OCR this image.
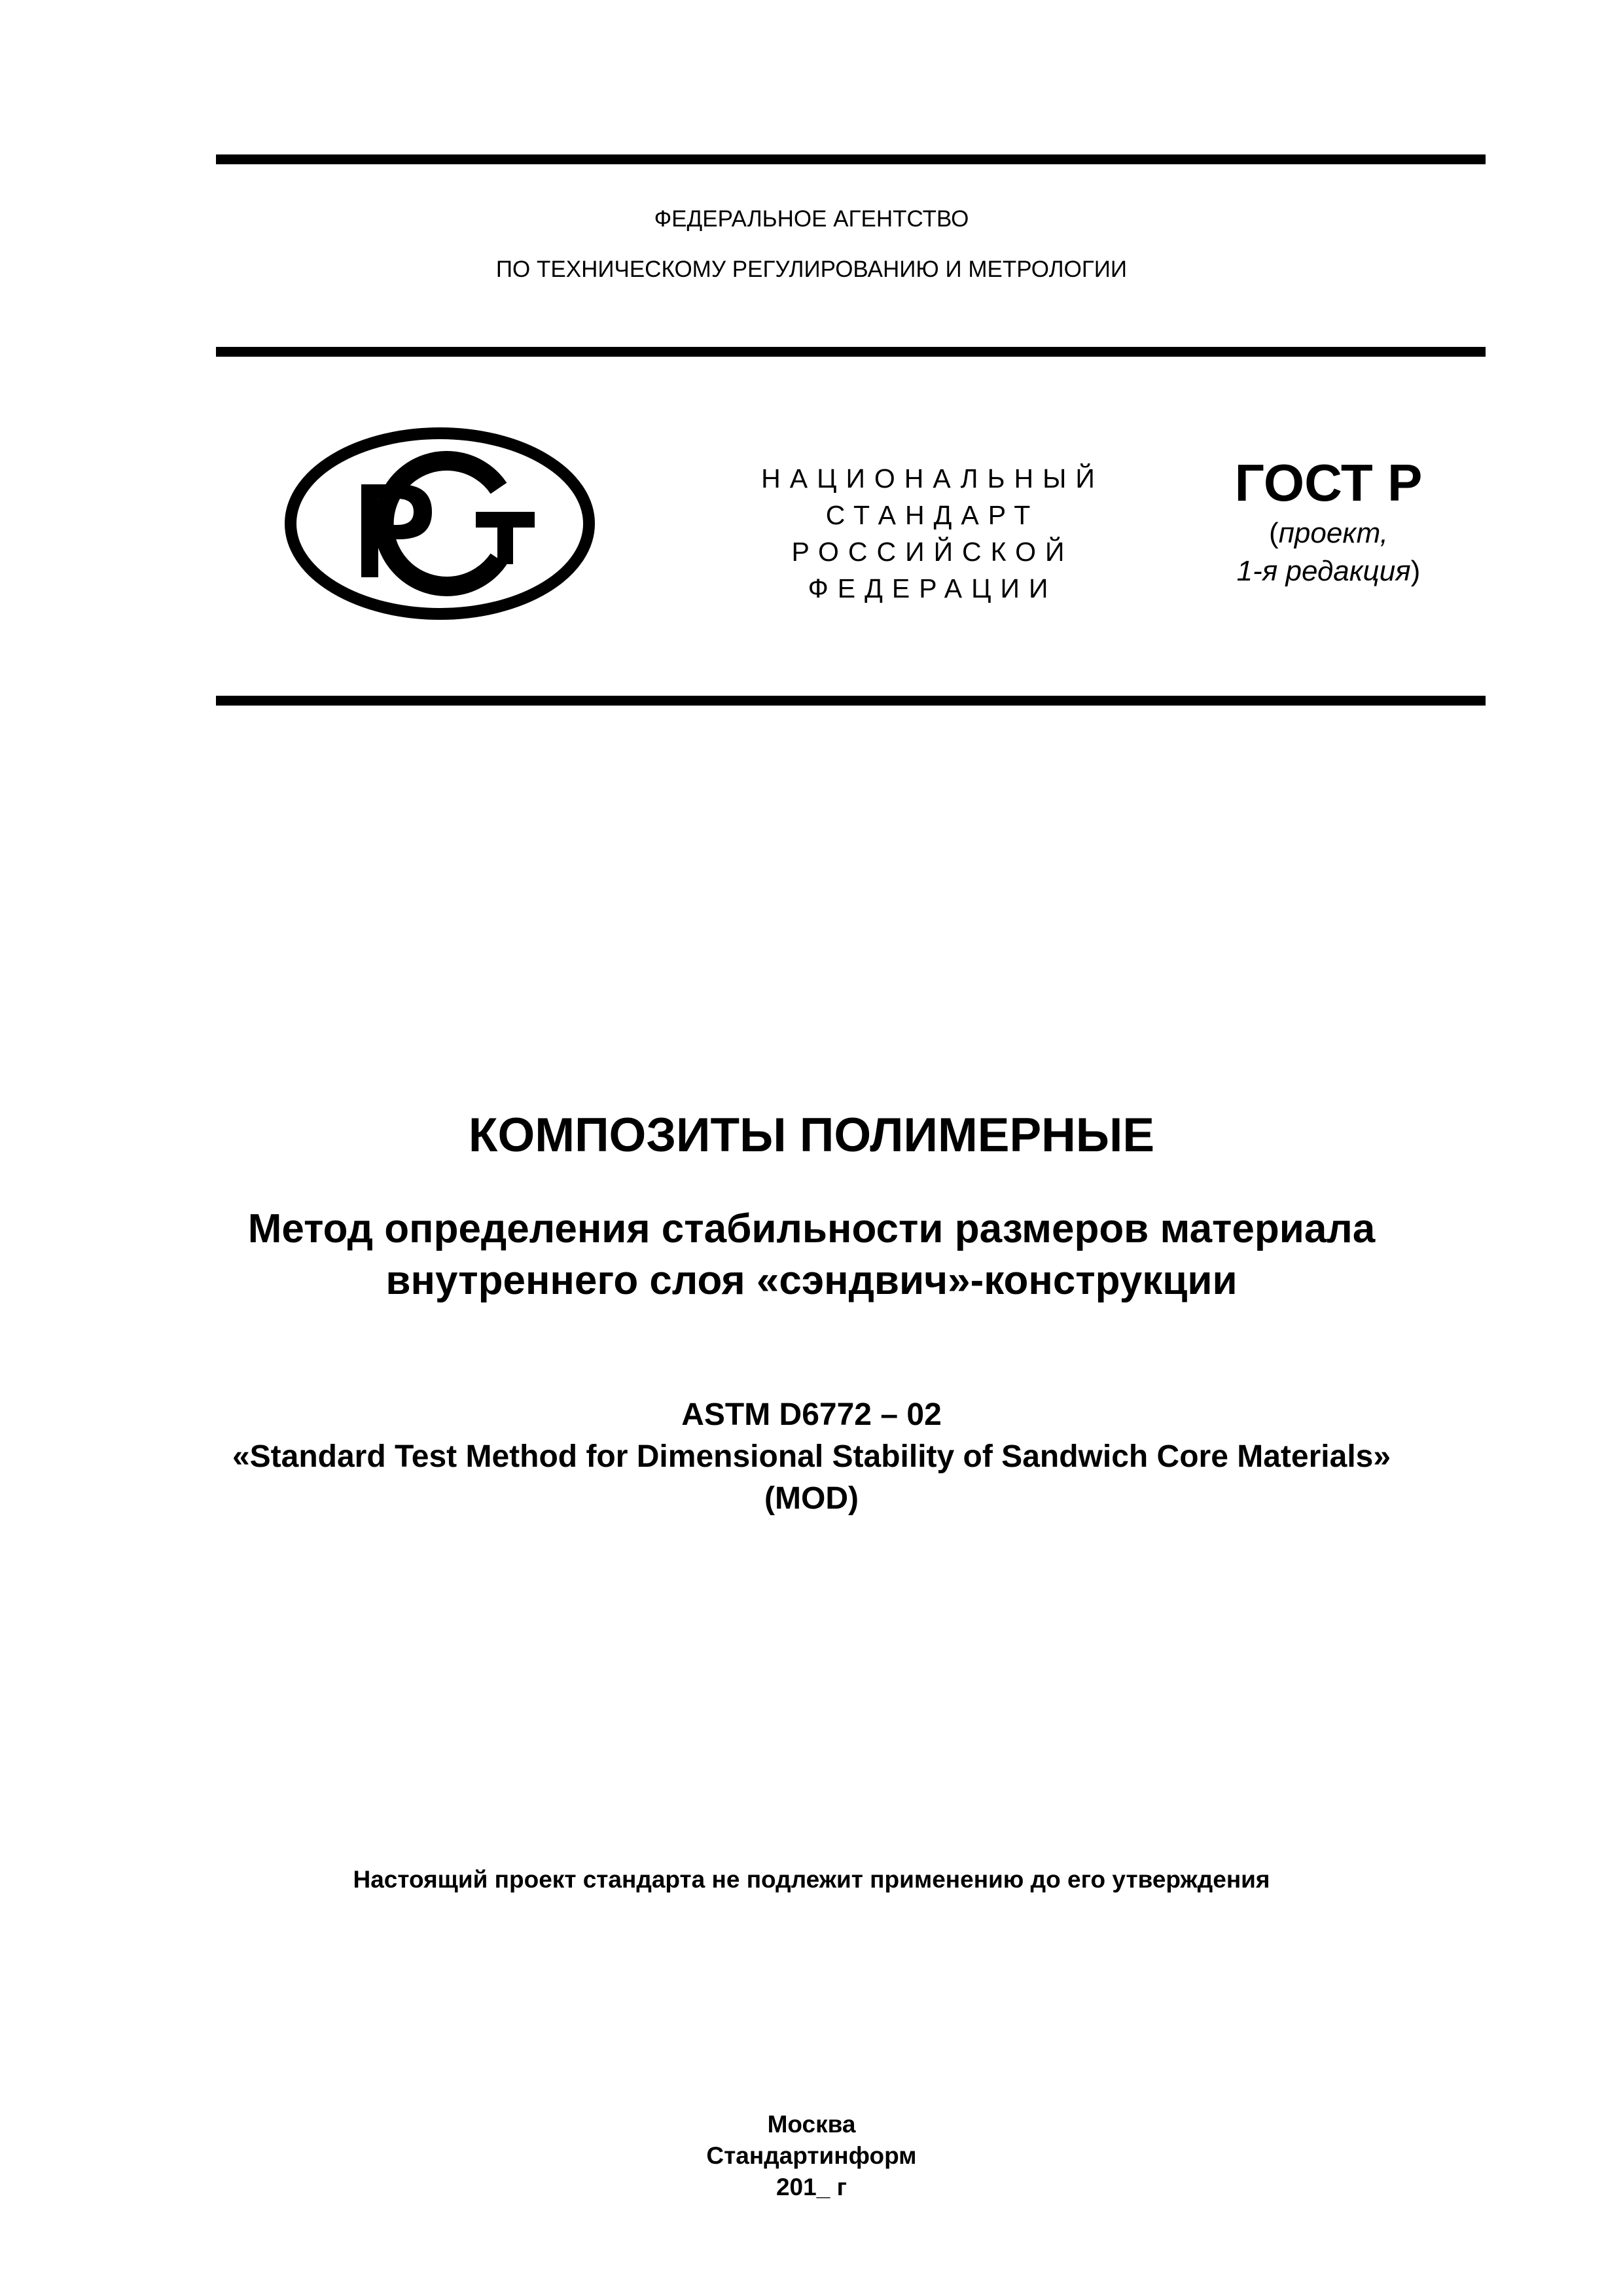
ФЕДЕРАЛЬНОЕ АГЕНТСТВО
ПО ТЕХНИЧЕСКОМУ РЕГУЛИРОВАНИЮ И МЕТРОЛОГИИ
НАЦИОНАЛЬНЫЙ
СТАНДАРТ
РОССИЙСКОЙ
ФЕДЕРАЦИИ
ГОСТ Р
(проект,
1-я редакция)
КОМПОЗИТЫ ПОЛИМЕРНЫЕ
Метод определения стабильности размеров материала
внутреннего слоя «сэндвич»-конструкции
ASTM D6772 – 02
«Standard Test Method for Dimensional Stability of Sandwich Core Materials»
(MOD)
Настоящий проект стандарта не подлежит применению до его утверждения
Москва
Стандартинформ
201_ г
